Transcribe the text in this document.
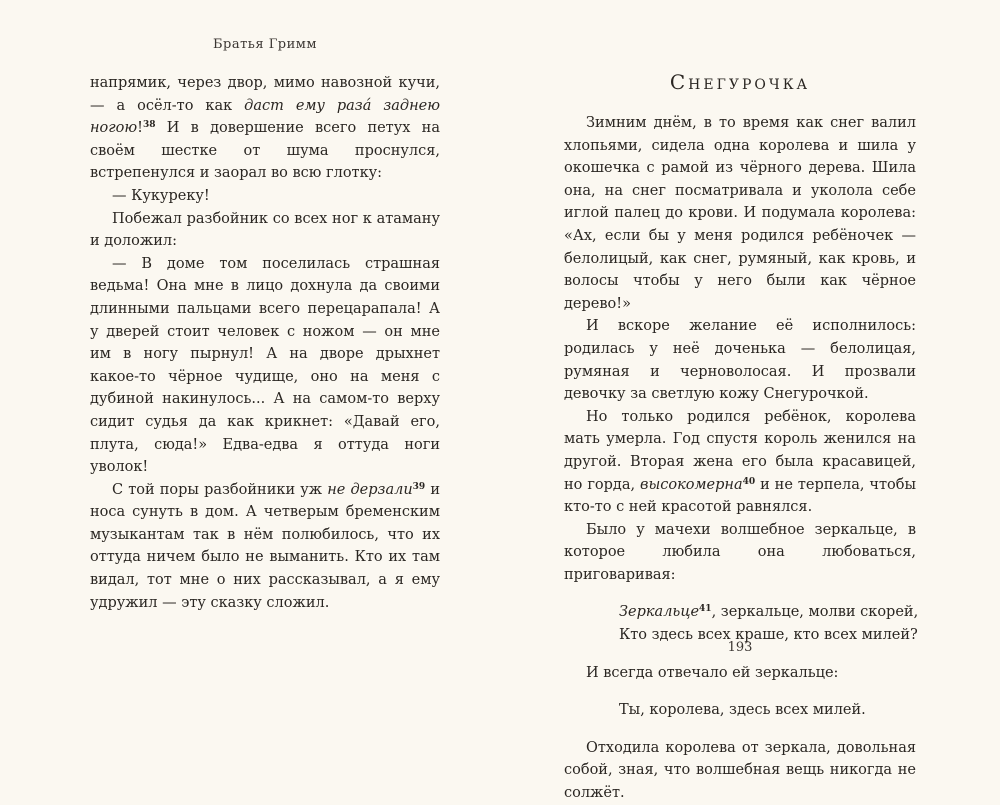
Братья Гримм

напрямик, через двор, мимо навозной кучи, — а осёл-то как даст ему разá заднею ногою!$^{38}$ И в довершение всего петух на своём шестке от шума проснулся, встрепенулся и заорал во всю глотку:

— Кукуреку!

Побежал разбойник со всех ног к атаману и доложил:

— В доме том поселилась страшная ведьма! Она мне в лицо дохнула да своими длинными пальцами всего перецарапала! А у дверей стоит человек с ножом — он мне им в ногу пырнул! А на дворе дрыхнет какое-то чёрное чудище, оно на меня с дубиной накинулось... А на самом-то верху сидит судья да как крикнет: «Давай его, плута, сюда!» Едва-едва я оттуда ноги уволок!

С той поры разбойники уж не дерзали$^{39}$ и носа сунуть в дом. А четверым бременским музыкантам так в нём полюбилось, что их оттуда ничем было не выманить. Кто их там видал, тот мне о них рассказывал, а я ему удружил — эту сказку сложил.

Снегурочка

Зимним днём, в то время как снег валил хлопьями, сидела одна королева и шила у окошечка с рамой из чёрного дерева. Шила она, на снег посматривала и уколола себе иглой палец до крови. И подумала королева: «Ах, если бы у меня родился ребёночек — белолицый, как снег, румяный, как кровь, и волосы чтобы у него были как чёрное дерево!»

И вскоре желание её исполнилось: родилась у неё доченька — белолицая, румяная и черноволосая. И прозвали девочку за светлую кожу Снегурочкой.

Но только родился ребёнок, королева мать умерла. Год спустя король женился на другой. Вторая жена его была красавицей, но горда, высокомерна$^{40}$ и не терпела, чтобы кто-то с ней красотой равнялся.

Было у мачехи волшебное зеркальце, в которое любила она любоваться, приговаривая:

Зеркальце$^{41}$, зеркальце, молви скорей,
Кто здесь всех краше, кто всех милей?

И всегда отвечало ей зеркальце:

Ты, королева, здесь всех милей.

Отходила королева от зеркала, довольная собой, зная, что волшебная вещь никогда не солжёт.

193
